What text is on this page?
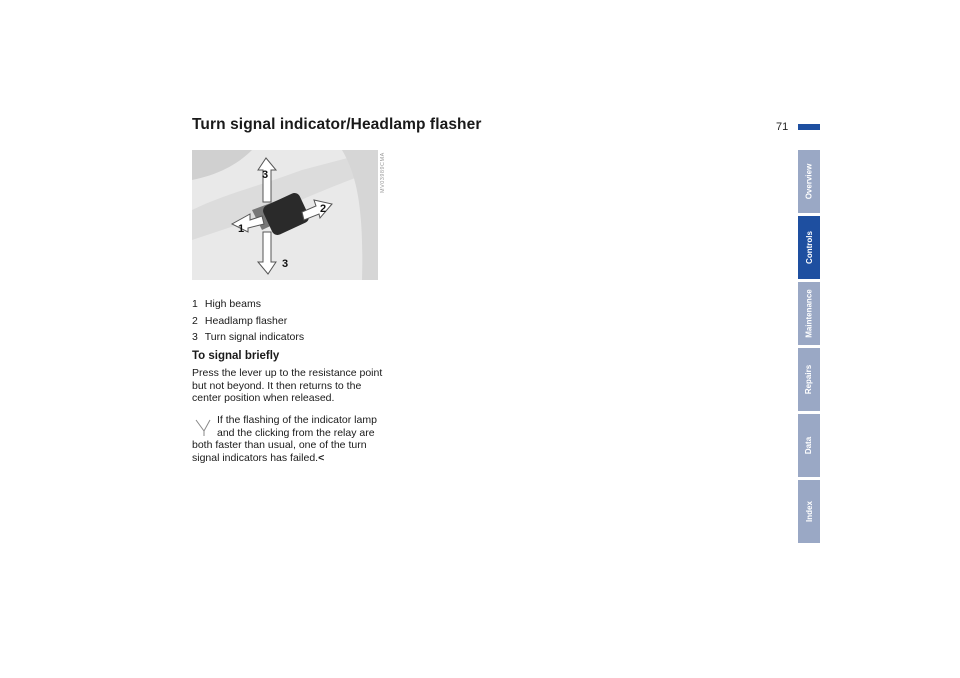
71
Turn signal indicator/Headlamp flasher
3
2
1
3
MV03989CMA
1 High beams
2 Headlamp flasher
3 Turn signal indicators
To signal briefly

Press the lever up to the resistance point but not beyond. It then returns to the center position when released.

If the flashing of the indicator lamp
and the clicking from the relay are both faster than usual, one of the turn signal indicators has failed.<

Overview
Controls
Maintenance
Repairs
Data
Index
